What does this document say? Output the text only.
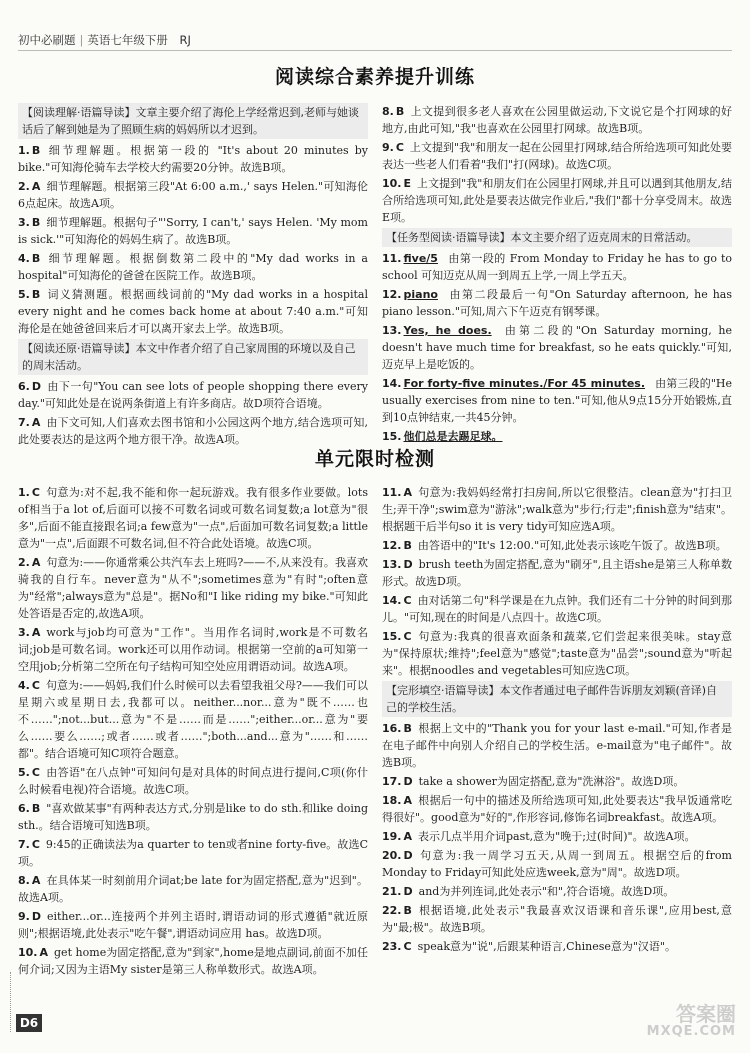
初中必刷题 | 英语七年级下册 RJ
阅读综合素养提升训练
【阅读理解·语篇导读】文章主要介绍了海伦上学经常迟到,老师与她谈话后了解到她是为了照顾生病的妈妈所以才迟到。
1. B 细节理解题。根据第一段的 "It's about 20 minutes by bike."可知海伦骑车去学校大约需要20分钟。故选B项。
2. A 细节理解题。根据第三段"At 6:00 a.m.,' says Helen."可知海伦6点起床。故选A项。
3. B 细节理解题。根据句子"'Sorry, I can't,' says Helen. 'My mom is sick.'"可知海伦的妈妈生病了。故选B项。
4. B 细节理解题。根据倒数第二段中的"My dad works in a hospital"可知海伦的爸爸在医院工作。故选B项。
5. B 词义猜测题。根据画线词前的"My dad works in a hospital every night and he comes back home at about 7:40 a.m."可知海伦是在她爸爸回来后才可以离开家去上学。故选B项。
【阅读还原·语篇导读】本文中作者介绍了自己家周围的环境以及自己的周末活动。
6. D 由下一句"You can see lots of people shopping there every day."可知此处是在说两条街道上有许多商店。故D项符合语境。
7. A 由下文可知,人们喜欢去图书馆和小公园这两个地方,结合选项可知,此处要表达的是这两个地方很干净。故选A项。
8. B 上文提到很多老人喜欢在公园里做运动,下文说它是个打网球的好地方,由此可知,"我"也喜欢在公园里打网球。故选B项。
9. C 上文提到"我"和朋友一起在公园里打网球,结合所给选项可知此处要表达一些老人们看着"我们"打(网球)。故选C项。
10. E 上文提到"我"和朋友们在公园里打网球,并且可以遇到其他朋友,结合所给选项可知,此处是要表达做完作业后,"我们"都十分享受周末。故选E项。
【任务型阅读·语篇导读】本文主要介绍了迈克周末的日常活动。
11. five/5 由第一段的 From Monday to Friday he has to go to school 可知迈克从周一到周五上学,一周上学五天。
12. piano 由第二段最后一句"On Saturday afternoon, he has piano lesson."可知,周六下午迈克有钢琴课。
13. Yes, he does. 由第二段的"On Saturday morning, he doesn't have much time for breakfast, so he eats quickly."可知,迈克早上是吃饭的。
14. For forty-five minutes./For 45 minutes. 由第三段的"He usually exercises from nine to ten."可知,他从9点15分开始锻炼,直到10点钟结束,一共45分钟。
15. 他们总是去踢足球。
单元限时检测
1. C 句意为:对不起,我不能和你一起玩游戏。我有很多作业要做。lots of相当于a lot of,后面可以接不可数名词或可数名词复数;a lot意为"很多",后面不能直接跟名词;a few意为"一点",后面加可数名词复数;a little意为"一点",后面跟不可数名词,但不符合此处语境。故选C项。
2. A 句意为:——你通常乘公共汽车去上班吗?——不,从来没有。我喜欢骑我的自行车。never意为"从不";sometimes意为"有时";often意为"经常";always意为"总是"。据No和"I like riding my bike."可知此处答语是否定的,故选A项。
3. A work与job均可意为"工作"。当用作名词时,work是不可数名词;job是可数名词。work还可以用作动词。根据第一空前的a可知第一空用job;分析第二空所在句子结构可知空处应用谓语动词。故选A项。
4. C 句意为:——妈妈,我们什么时候可以去看望我祖父母?——我们可以星期六或星期日去,我都可以。neither...nor...意为"既不……也不……";not...but...意为"不是……而是……";either...or...意为"要么……要么……;或者……或者……";both...and...意为"……和……都"。结合语境可知C项符合题意。
5. C 由答语"在八点钟"可知问句是对具体的时间点进行提问,C项(你什么时候看电视)符合语境。故选C项。
6. B "喜欢做某事"有两种表达方式,分别是like to do sth.和like doing sth.。结合语境可知选B项。
7. C 9:45的正确读法为a quarter to ten或者nine forty-five。故选C项。
8. A 在具体某一时刻前用介词at;be late for为固定搭配,意为"迟到"。故选A项。
9. D either...or...连接两个并列主语时,谓语动词的形式遵循"就近原则";根据语境,此处表示"吃午餐",谓语动词应用 has。故选D项。
10. A get home为固定搭配,意为"到家",home是地点副词,前面不加任何介词;又因为主语My sister是第三人称单数形式。故选A项。
11. A 句意为:我妈妈经常打扫房间,所以它很整洁。clean意为"打扫卫生;弄干净";swim意为"游泳";walk意为"步行;行走";finish意为"结束"。根据题干后半句so it is very tidy可知应选A项。
12. B 由答语中的"It's 12:00."可知,此处表示该吃午饭了。故选B项。
13. D brush teeth为固定搭配,意为"刷牙",且主语she是第三人称单数形式。故选D项。
14. C 由对话第二句"科学课是在九点钟。我们还有二十分钟的时间到那儿。"可知,现在的时间是八点四十。故选C项。
15. C 句意为:我真的很喜欢面条和蔬菜,它们尝起来很美味。stay意为"保持原状;维持";feel意为"感觉";taste意为"品尝";sound意为"听起来"。根据noodles and vegetables可知应选C项。
【完形填空·语篇导读】本文作者通过电子邮件告诉朋友刘颖(音译)自己的学校生活。
16. B 根据上文中的"Thank you for your last e-mail."可知,作者是在电子邮件中向别人介绍自己的学校生活。e-mail意为"电子邮件"。故选B项。
17. D take a shower为固定搭配,意为"洗淋浴"。故选D项。
18. A 根据后一句中的描述及所给选项可知,此处要表达"我早饭通常吃得很好"。good意为"好的",作形容词,修饰名词breakfast。故选A项。
19. A 表示几点半用介词past,意为"晚于;过(时间)"。故选A项。
20. D 句意为:我一周学习五天,从周一到周五。根据空后的from Monday to Friday可知此处应选week,意为"周"。故选D项。
21. D and为并列连词,此处表示"和",符合语境。故选D项。
22. B 根据语境,此处表示"我最喜欢汉语课和音乐课",应用best,意为"最;极"。故选B项。
23. C speak意为"说",后跟某种语言,Chinese意为"汉语"。
D6	答案圈
MXQE.COM
